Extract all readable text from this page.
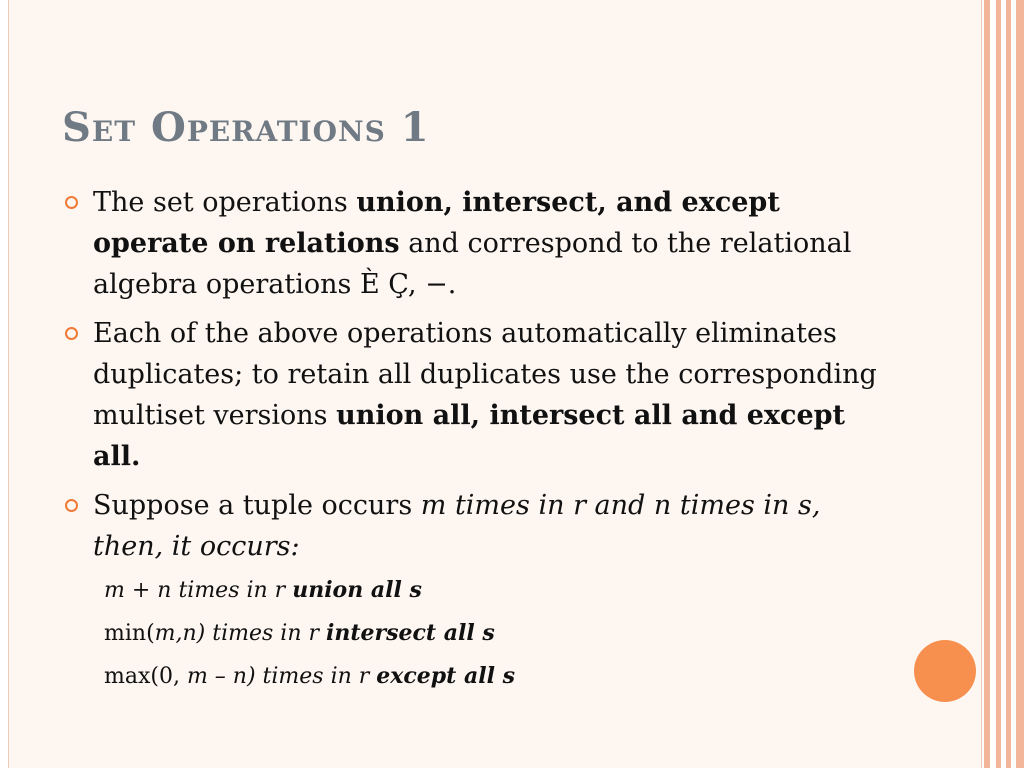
Set Operations 1
The set operations union, intersect, and except operate on relations and correspond to the relational algebra operations È Ç, −.
Each of the above operations automatically eliminates duplicates; to retain all duplicates use the corresponding multiset versions union all, intersect all and except all.
Suppose a tuple occurs m times in r and n times in s, then, it occurs:
m + n times in r union all s
min(m,n) times in r intersect all s
max(0, m – n) times in r except all s
